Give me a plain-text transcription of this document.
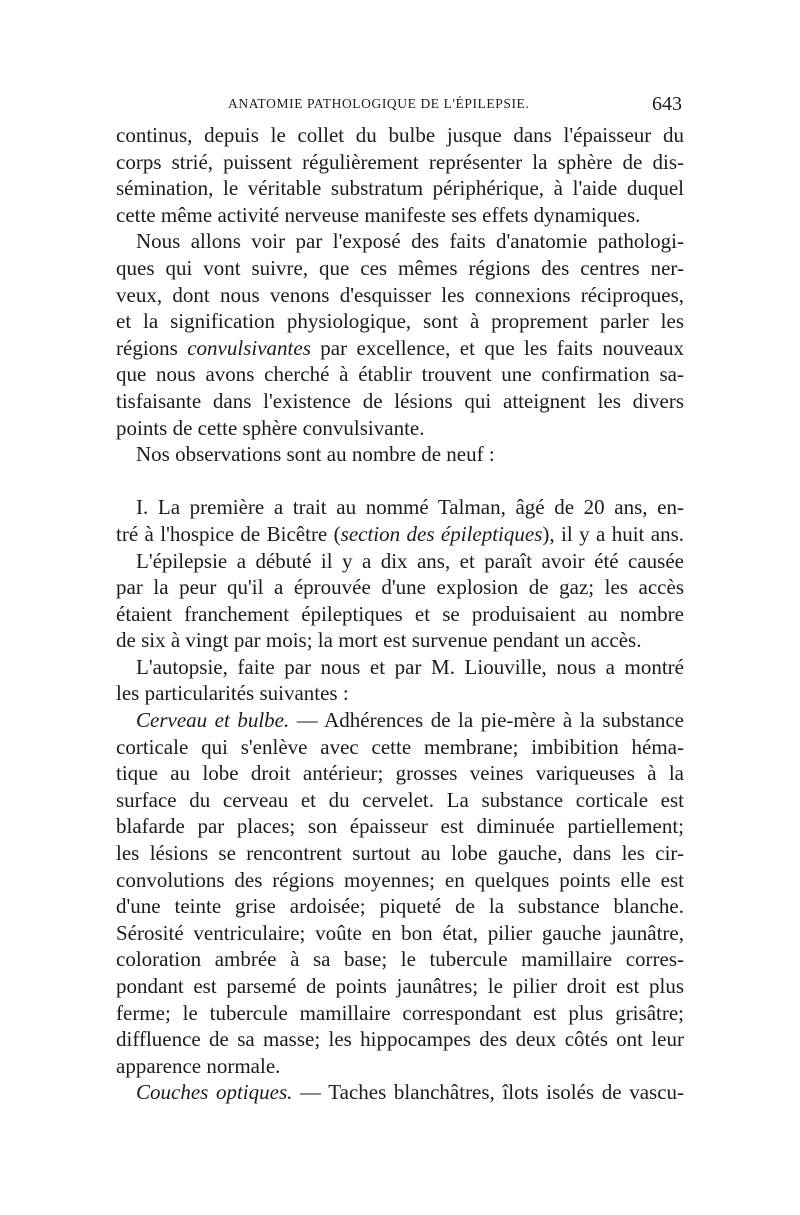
ANATOMIE PATHOLOGIQUE DE L'ÉPILEPSIE.	643
continus, depuis le collet du bulbe jusque dans l'épaisseur du
corps strié, puissent régulièrement représenter la sphère de dis-
sémination, le véritable substratum périphérique, à l'aide duquel
cette même activité nerveuse manifeste ses effets dynamiques.
Nous allons voir par l'exposé des faits d'anatomie pathologi-
ques qui vont suivre, que ces mêmes régions des centres ner-
veux, dont nous venons d'esquisser les connexions réciproques,
et la signification physiologique, sont à proprement parler les
régions convulsivantes par excellence, et que les faits nouveaux
que nous avons cherché à établir trouvent une confirmation sa-
tisfaisante dans l'existence de lésions qui atteignent les divers
points de cette sphère convulsivante.
Nos observations sont au nombre de neuf :
I. La première a trait au nommé Talman, âgé de 20 ans, en-
tré à l'hospice de Bicêtre (section des épileptiques), il y a huit ans.
L'épilepsie a débuté il y a dix ans, et paraît avoir été causée
par la peur qu'il a éprouvée d'une explosion de gaz; les accès
étaient franchement épileptiques et se produisaient au nombre
de six à vingt par mois; la mort est survenue pendant un accès.
L'autopsie, faite par nous et par M. Liouville, nous a montré
les particularités suivantes :
Cerveau et bulbe. — Adhérences de la pie-mère à la substance
corticale qui s'enlève avec cette membrane; imbibition héma-
tique au lobe droit antérieur; grosses veines variqueuses à la
surface du cerveau et du cervelet. La substance corticale est
blafarde par places; son épaisseur est diminuée partiellement;
les lésions se rencontrent surtout au lobe gauche, dans les cir-
convolutions des régions moyennes; en quelques points elle est
d'une teinte grise ardoisée; piqueté de la substance blanche.
Sérosité ventriculaire; voûte en bon état, pilier gauche jaunâtre,
coloration ambrée à sa base; le tubercule mamillaire corres-
pondant est parsemé de points jaunâtres; le pilier droit est plus
ferme; le tubercule mamillaire correspondant est plus grisâtre;
diffluence de sa masse; les hippocampes des deux côtés ont leur
apparence normale.
Couches optiques. — Taches blanchâtres, îlots isolés de vascu-
